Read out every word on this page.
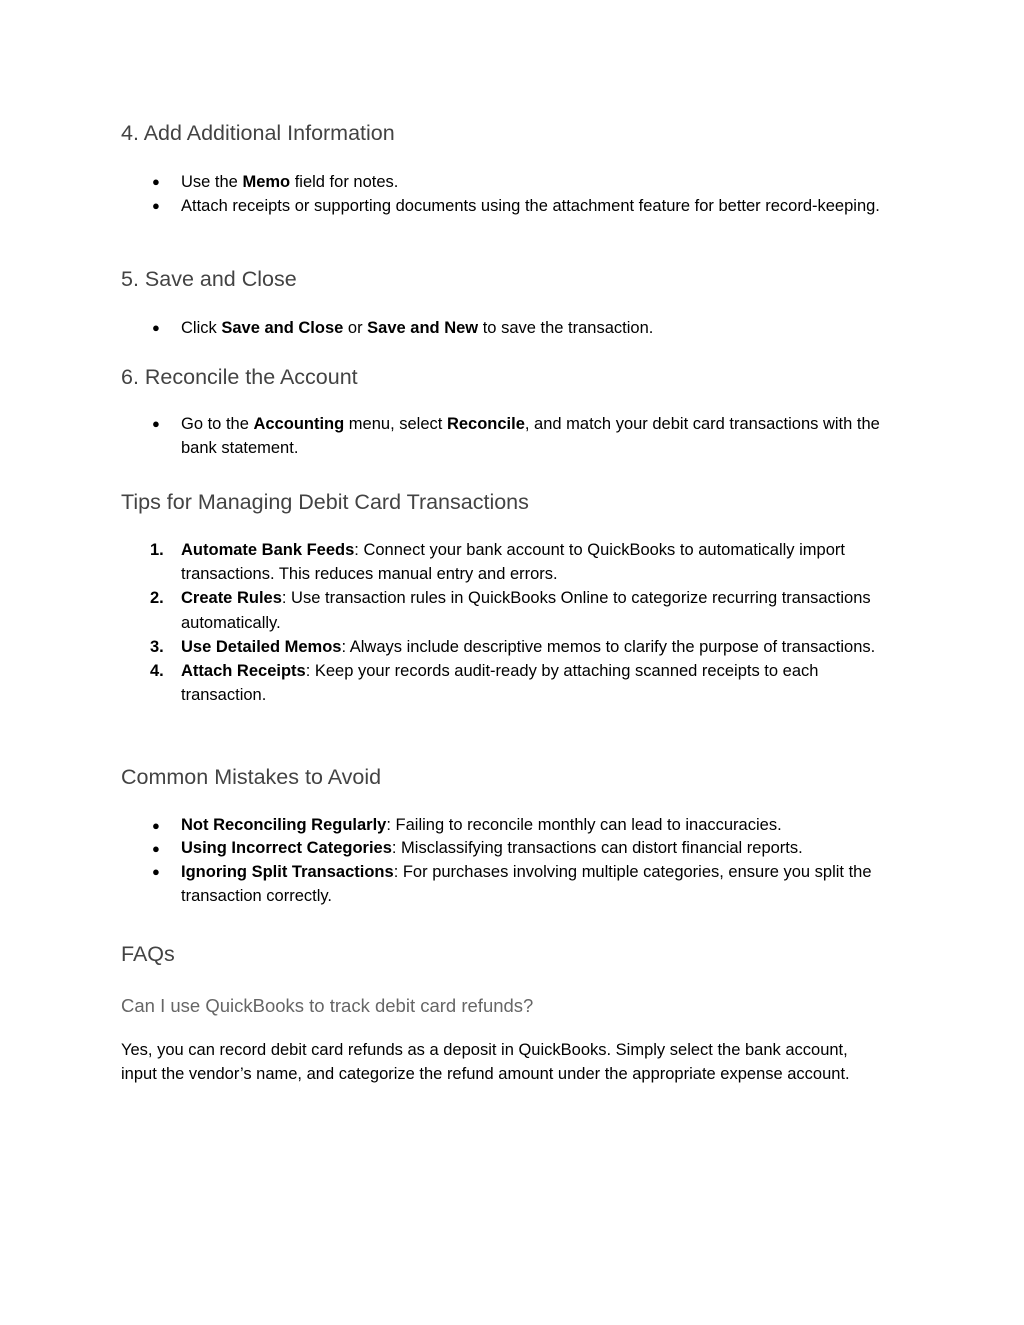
4. Add Additional Information
● Use the Memo field for notes.
● Attach receipts or supporting documents using the attachment feature for better record-keeping.
5. Save and Close
● Click Save and Close or Save and New to save the transaction.
6. Reconcile the Account
● Go to the Accounting menu, select Reconcile, and match your debit card transactions with the bank statement.
Tips for Managing Debit Card Transactions
1. Automate Bank Feeds: Connect your bank account to QuickBooks to automatically import transactions. This reduces manual entry and errors.
2. Create Rules: Use transaction rules in QuickBooks Online to categorize recurring transactions automatically.
3. Use Detailed Memos: Always include descriptive memos to clarify the purpose of transactions.
4. Attach Receipts: Keep your records audit-ready by attaching scanned receipts to each transaction.
Common Mistakes to Avoid
● Not Reconciling Regularly: Failing to reconcile monthly can lead to inaccuracies.
● Using Incorrect Categories: Misclassifying transactions can distort financial reports.
● Ignoring Split Transactions: For purchases involving multiple categories, ensure you split the transaction correctly.
FAQs
Can I use QuickBooks to track debit card refunds?

Yes, you can record debit card refunds as a deposit in QuickBooks. Simply select the bank account, input the vendor’s name, and categorize the refund amount under the appropriate expense account.
